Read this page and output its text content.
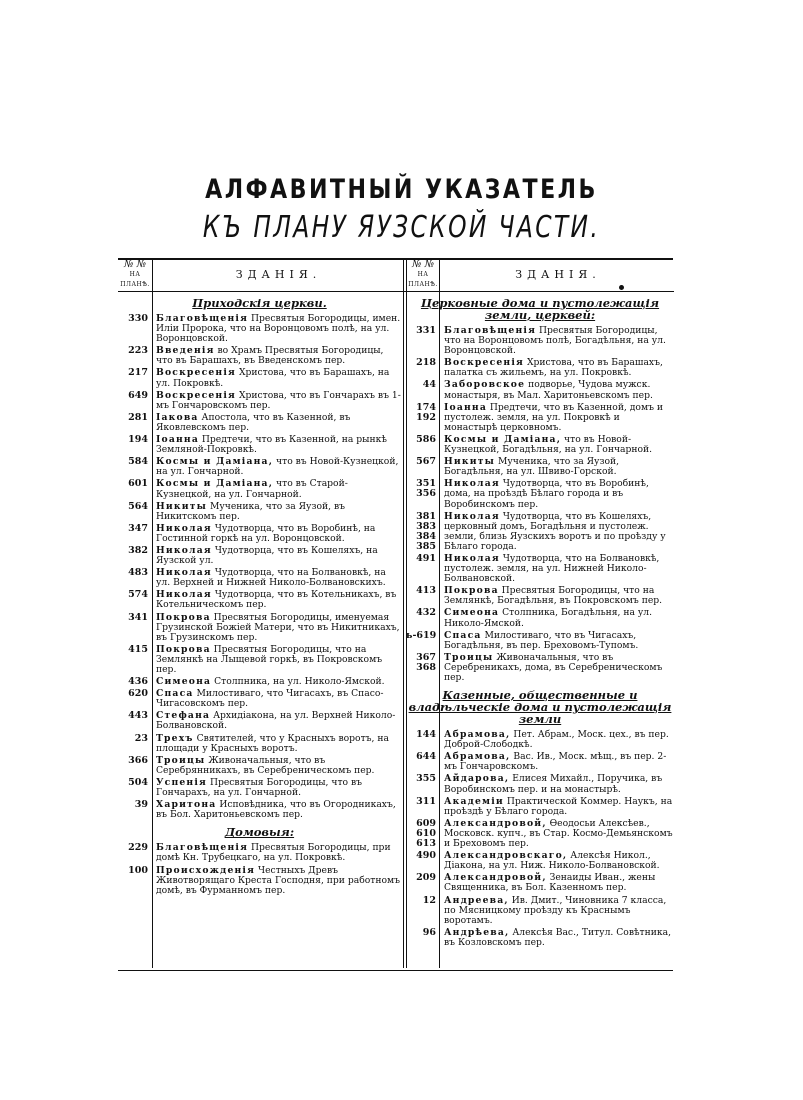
АЛФАВИТНЫЙ УКАЗАТЕЛЬ
КЪ ПЛАНУ ЯУЗСКОЙ ЧАСТИ.
№ №
НА ПЛАНѢ.
ЗДАНІЯ.
Приходскія церкви.
330 Благовѣщенія Пресвятыя Богородицы, имен. Иліи Пророка, что на Воронцовомъ полѣ, на ул. Воронцовской.
223 Введенія во Храмъ Пресвятыя Богородицы, что въ Барашахъ, въ Введенскомъ пер.
217 Воскресенія Христова, что въ Барашахъ, на ул. Покровкѣ.
649 Воскресенія Христова, что въ Гончарахъ въ 1-мъ Гончаровскомъ пер.
281 Іакова Апостола, что въ Казенной, въ Яковлевскомъ пер.
194 Іоанна Предтечи, что въ Казенной, на рынкѣ Земляной-Покровкѣ.
584 Космы и Даміана, что въ Новой-Кузнецкой, на ул. Гончарной.
601 Космы и Даміана, что въ Старой-Кузнецкой, на ул. Гончарной.
564 Никиты Мученика, что за Яузой, въ Никитскомъ пер.
347 Николая Чудотворца, что въ Воробинѣ, на Гостинной горкѣ на ул. Воронцовской.
382 Николая Чудотворца, что въ Кошеляхъ, на Яузской ул.
483 Николая Чудотворца, что на Болвановкѣ, на ул. Верхней и Нижней Николо-Болвановскихъ.
574 Николая Чудотворца, что въ Котельникахъ, въ Котельническомъ пер.
341 Покрова Пресвятыя Богородицы, именуемая Грузинской Божіей Матери, что въ Никитникахъ, въ Грузинскомъ пер.
415 Покрова Пресвятыя Богородицы, что на Землянкѣ на Лыщевой горкѣ, въ Покровскомъ пер.
436 Симеона Столпника, на ул. Николо-Ямской.
620 Спаса Милостиваго, что Чигасахъ, въ Спасо-Чигасовскомъ пер.
443 Стефана Архидіакона, на ул. Верхней Николо-Болвановской.
23 Трехъ Святителей, что у Красныхъ воротъ, на площади у Красныхъ воротъ.
366 Троицы Живоначальныя, что въ Серебрянникахъ, въ Серебреническомъ пер.
504 Успенія Пресвятыя Богородицы, что въ Гончарахъ, на ул. Гончарной.
39 Харитона Исповѣдника, что въ Огородникахъ, въ Бол. Харитоньевскомъ пер.
Домовыя:
229 Благовѣщенія Пресвятыя Богородицы, при домѣ Кн. Трубецкаго, на ул. Покровкѣ.
100 Происхожденія Честныхъ Древъ Животворящаго Креста Господня, при работномъ домѣ, въ Фурманномъ пер.
№ №
НА ПЛАНѢ.
ЗДАНІЯ.
Церковные дома и пустолежащія земли, церквей:
331 Благовѣщенія Пресвятыя Богородицы, что на Воронцовомъ полѣ, Богадѣльня, на ул. Воронцовской.
218 Воскресенія Христова, что въ Барашахъ, палатка съ жильемъ, на ул. Покровкѣ.
44 Заборовское подворье, Чудова мужск. монастыря, въ Мал. Харитоньевскомъ пер.
174
192
Іоанна Предтечи, что въ Казенной, домъ и пустолеж. земля, на ул. Покровкѣ и монастырѣ церковномъ.
586 Космы и Даміана, что въ Новой-Кузнецкой, Богадѣльня, на ул. Гончарной.
567 Никиты Мученика, что за Яузой, Богадѣльня, на ул. Швиво-Горской.
351
356
Николая Чудотворца, что въ Воробинѣ, дома, на проѣздѣ Бѣлаго города и въ Воробинскомъ пер.
381
383
384
385
Николая Чудотворца, что въ Кошеляхъ, церковный домъ, Богадѣльня и пустолеж. земли, близь Яузскихъ воротъ и по проѣзду у Бѣлаго города.
491 Николая Чудотворца, что на Болвановкѣ, пустолеж. земля, на ул. Нижней Николо-Болвановской.
413 Покрова Пресвятыя Богородицы, что на Землянкѣ, Богадѣльня, въ Покровскомъ пер.
432 Симеона Столпника, Богадѣльня, на ул. Николо-Ямской.
ь-619 Спаса Милостиваго, что въ Чигасахъ, Богадѣльня, въ пер. Бреховомъ-Тупомъ.
367
368
Троицы Живоначальныя, что въ Серебреникахъ, дома, въ Серебреническомъ пер.
Казенные, общественные и владѣльческіе дома и пустолежащія земли
144 Абрамова, Пет. Абрам., Моск. цех., въ пер. Доброй-Слободкѣ.
644 Абрамова, Вас. Ив., Моск. мѣщ., въ пер. 2-мъ Гончаровскомъ.
355 Айдарова, Елисея Михайл., Поручика, въ Воробинскомъ пер. и на монастырѣ.
311 Академіи Практической Коммер. Наукъ, на проѣздѣ у Бѣлаго города.
609
610
613
Александровой, Ѳеодосьи Алексѣев., Московск. купч., въ Стар. Космо-Демьянскомъ и Бреховомъ пер.
490 Александровскаго, Алексѣя Никол., Діакона, на ул. Ниж. Николо-Болвановской.
209 Александровой, Зенаиды Иван., жены Священника, въ Бол. Казенномъ пер.
12 Андреева, Ив. Дмит., Чиновника 7 класса, по Мясницкому проѣзду къ Краснымъ воротамъ.
96 Андрѣева, Алексѣя Вас., Титул. Совѣтника, въ Козловскомъ пер.
